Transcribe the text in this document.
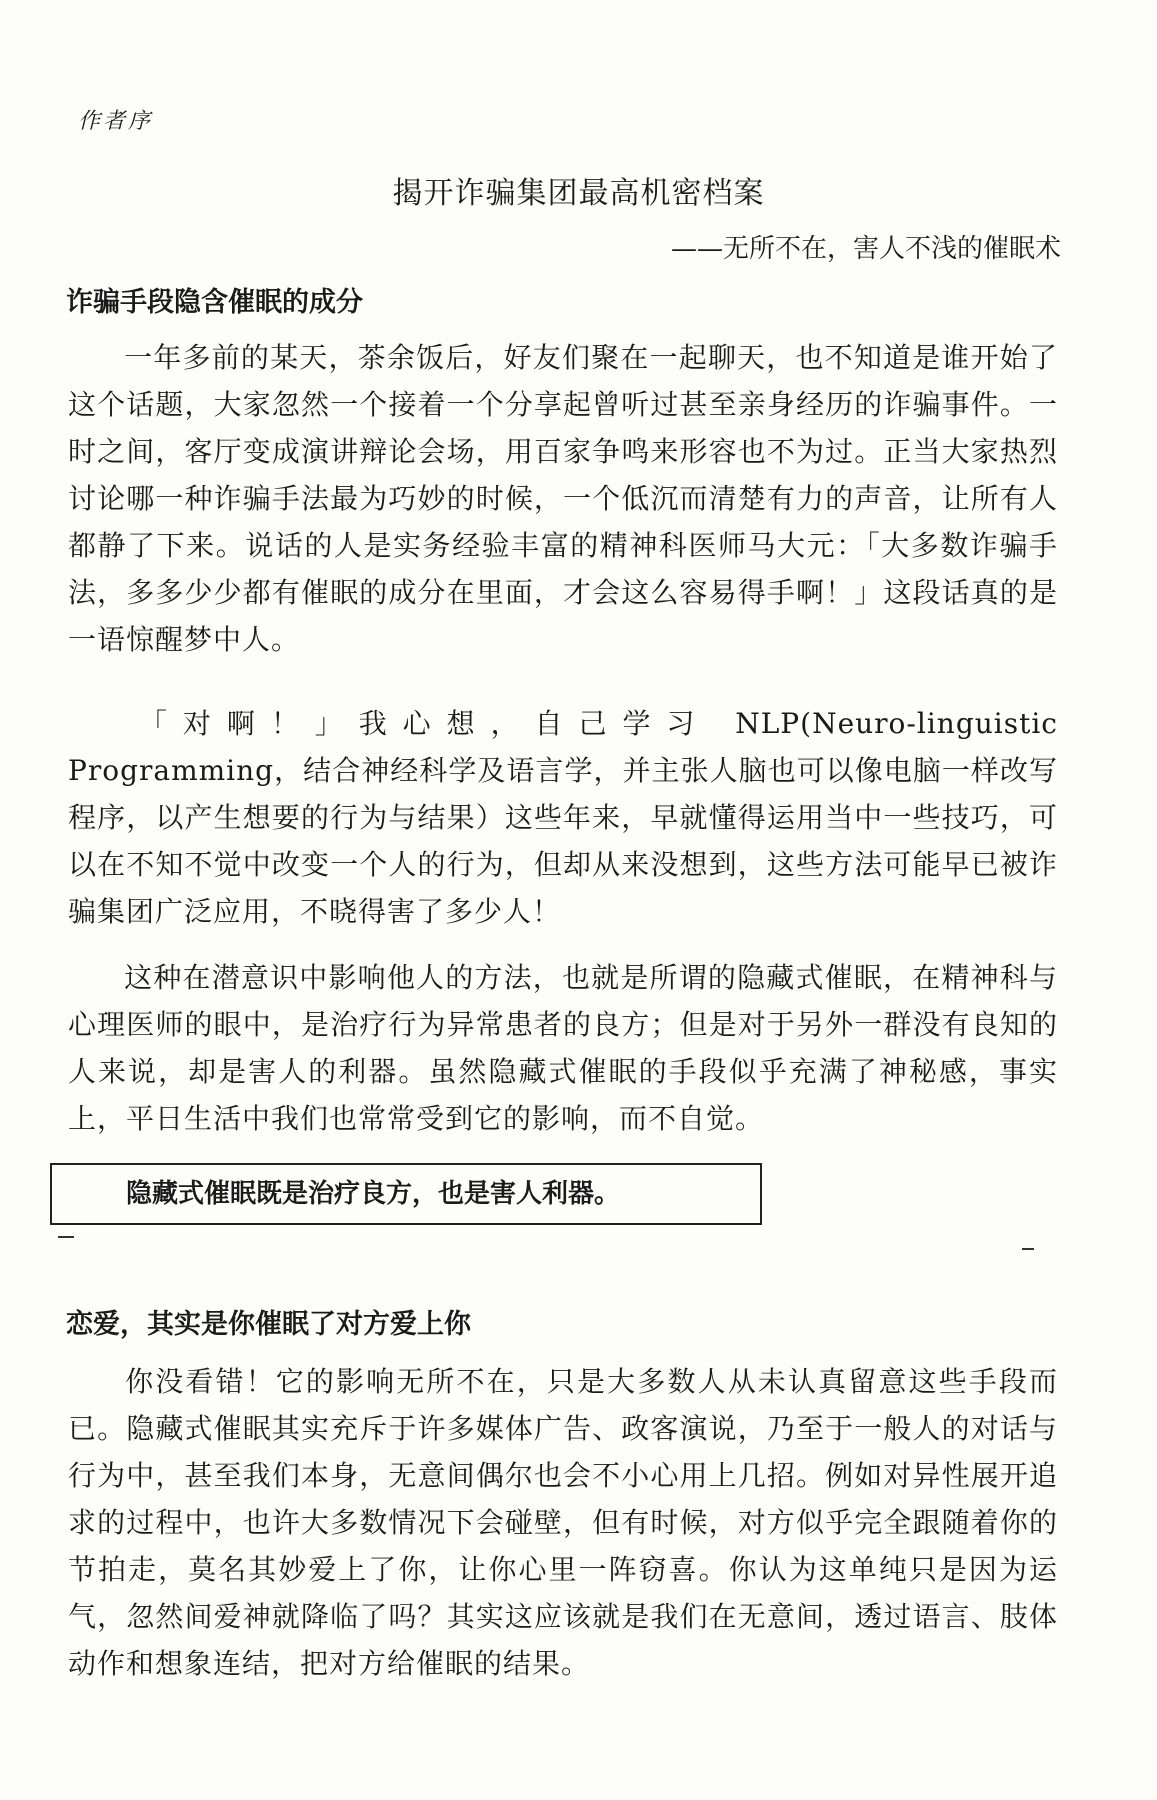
作者序
揭开诈骗集团最高机密档案
——无所不在，害人不浅的催眠术
诈骗手段隐含催眠的成分
一年多前的某天，茶余饭后，好友们聚在一起聊天，也不知道是谁开始了这个话题，大家忽然一个接着一个分享起曾听过甚至亲身经历的诈骗事件。一时之间，客厅变成演讲辩论会场，用百家争鸣来形容也不为过。正当大家热烈讨论哪一种诈骗手法最为巧妙的时候，一个低沉而清楚有力的声音，让所有人都静了下来。说话的人是实务经验丰富的精神科医师马大元：「大多数诈骗手法，多多少少都有催眠的成分在里面，才会这么容易得手啊！」这段话真的是一语惊醒梦中人。
「对啊！」我心想，自己学习 NLP(Neuro-linguistic Programming，结合神经科学及语言学，并主张人脑也可以像电脑一样改写程序，以产生想要的行为与结果）这些年来，早就懂得运用当中一些技巧，可以在不知不觉中改变一个人的行为，但却从来没想到，这些方法可能早已被诈骗集团广泛应用，不晓得害了多少人！
这种在潜意识中影响他人的方法，也就是所谓的隐藏式催眠，在精神科与心理医师的眼中，是治疗行为异常患者的良方；但是对于另外一群没有良知的人来说，却是害人的利器。虽然隐藏式催眠的手段似乎充满了神秘感，事实上，平日生活中我们也常常受到它的影响，而不自觉。
隐藏式催眠既是治疗良方，也是害人利器。
恋爱，其实是你催眠了对方爱上你
你没看错！它的影响无所不在，只是大多数人从未认真留意这些手段而已。隐藏式催眠其实充斥于许多媒体广告、政客演说，乃至于一般人的对话与行为中，甚至我们本身，无意间偶尔也会不小心用上几招。例如对异性展开追求的过程中，也许大多数情况下会碰壁，但有时候，对方似乎完全跟随着你的节拍走，莫名其妙爱上了你，让你心里一阵窃喜。你认为这单纯只是因为运气，忽然间爱神就降临了吗？其实这应该就是我们在无意间，透过语言、肢体动作和想象连结，把对方给催眠的结果。
